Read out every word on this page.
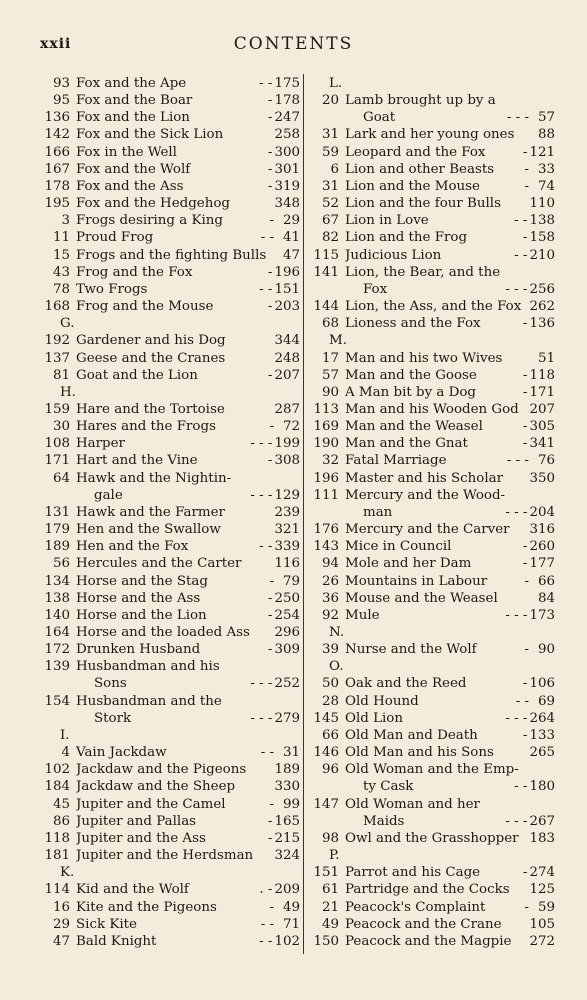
xxii	CONTENTS
93 Fox and the Ape	- - 175
95 Fox and the Boar	- 178
136 Fox and the Lion	- 247
142 Fox and the Sick Lion	258
166 Fox in the Well	- 300
167 Fox and the Wolf	- 301
178 Fox and the Ass	- 319
195 Fox and the Hedgehog	348
3 Frogs desiring a King	- 29
11 Proud Frog	- - 41
15 Frogs and the fighting Bulls	47
43 Frog and the Fox	- 196
78 Two Frogs	- - 151
168 Frog and the Mouse	- 203
G.
192 Gardener and his Dog	344
137 Geese and the Cranes	248
81 Goat and the Lion	- 207
H.
159 Hare and the Tortoise	287
30 Hares and the Frogs	- 72
108 Harper	- - - 199
171 Hart and the Vine	- 308
64 Hawk and the Nightin-
gale	- - - 129
131 Hawk and the Farmer	239
179 Hen and the Swallow	321
189 Hen and the Fox	- - 339
56 Hercules and the Carter	116
134 Horse and the Stag	- 79
138 Horse and the Ass	- 250
140 Horse and the Lion	- 254
164 Horse and the loaded Ass	296
172 Drunken Husband	- 309
139 Husbandman and his
Sons	- - - 252
154 Husbandman and the
Stork	- - - 279
I.
4 Vain Jackdaw	- - 31
102 Jackdaw and the Pigeons	189
184 Jackdaw and the Sheep	330
45 Jupiter and the Camel	- 99
86 Jupiter and Pallas	- 165
118 Jupiter and the Ass	- 215
181 Jupiter and the Herdsman	324
K.
114 Kid and the Wolf	. - 209
16 Kite and the Pigeons	- 49
29 Sick Kite	- - 71
47 Bald Knight	- - 102
L.
20 Lamb brought up by a
Goat	- - - 57
31 Lark and her young ones	88
59 Leopard and the Fox	- 121
6 Lion and other Beasts	- 33
31 Lion and the Mouse	- 74
52 Lion and the four Bulls	110
67 Lion in Love	- - 138
82 Lion and the Frog	- 158
115 Judicious Lion	- - 210
141 Lion, the Bear, and the
Fox	- - - 256
144 Lion, the Ass, and the Fox 262
68 Lioness and the Fox	- 136
M.
17 Man and his two Wives	51
57 Man and the Goose	- 118
90 A Man bit by a Dog	- 171
113 Man and his Wooden God 207
169 Man and the Weasel	- 305
190 Man and the Gnat	- 341
32 Fatal Marriage	- - - 76
196 Master and his Scholar	350
111 Mercury and the Wood-
man	- - - 204
176 Mercury and the Carver	316
143 Mice in Council	- 260
94 Mole and her Dam	- 177
26 Mountains in Labour	- 66
36 Mouse and the Weasel	84
92 Mule	- - - 173
N.
39 Nurse and the Wolf	- 90
O.
50 Oak and the Reed	- 106
28 Old Hound	- - 69
145 Old Lion	- - - 264
66 Old Man and Death	- 133
146 Old Man and his Sons	265
96 Old Woman and the Emp-
ty Cask	- - 180
147 Old Woman and her
Maids	- - - 267
98 Owl and the Grasshopper 183
P.
151 Parrot and his Cage	- 274
61 Partridge and the Cocks	125
21 Peacock's Complaint	- 59
49 Peacock and the Crane	105
150 Peacock and the Magpie	272
